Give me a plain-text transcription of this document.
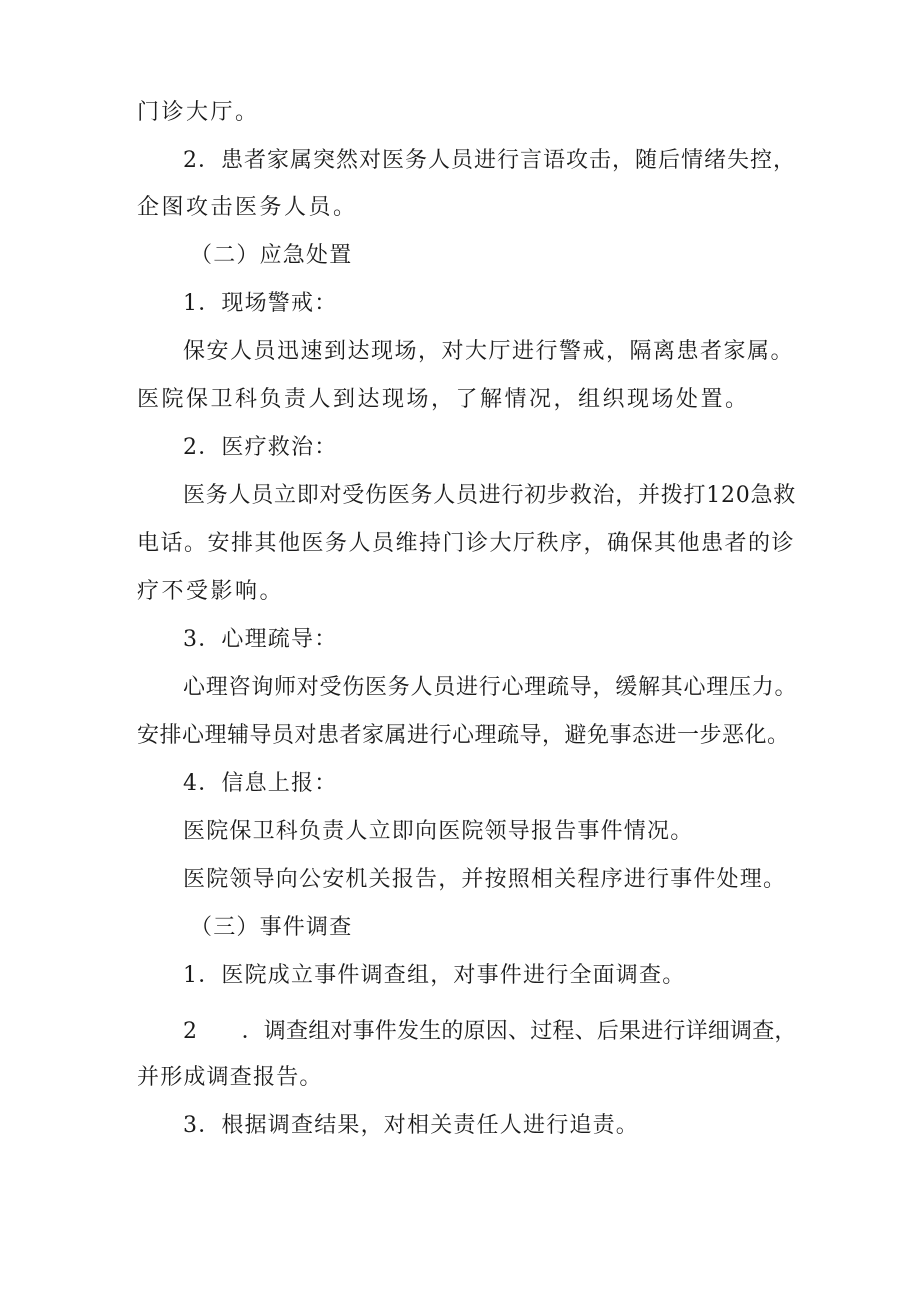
门诊大厅。
2．患者家属突然对医务人员进行言语攻击，随后情绪失控，
企图攻击医务人员。
（二）应急处置
1．现场警戒：
保安人员迅速到达现场，对大厅进行警戒，隔离患者家属。
医院保卫科负责人到达现场，了解情况，组织现场处置。
2．医疗救治：
医务人员立即对受伤医务人员进行初步救治，并拨打120急救
电话。安排其他医务人员维持门诊大厅秩序，确保其他患者的诊
疗不受影响。
3．心理疏导：
心理咨询师对受伤医务人员进行心理疏导，缓解其心理压力。
安排心理辅导员对患者家属进行心理疏导，避免事态进一步恶化。
4．信息上报：
医院保卫科负责人立即向医院领导报告事件情况。
医院领导向公安机关报告，并按照相关程序进行事件处理。
（三）事件调查
1．医院成立事件调查组，对事件进行全面调查。
2　　．调查组对事件发生的原因、过程、后果进行详细调查，
并形成调查报告。
3．根据调查结果，对相关责任人进行追责。
